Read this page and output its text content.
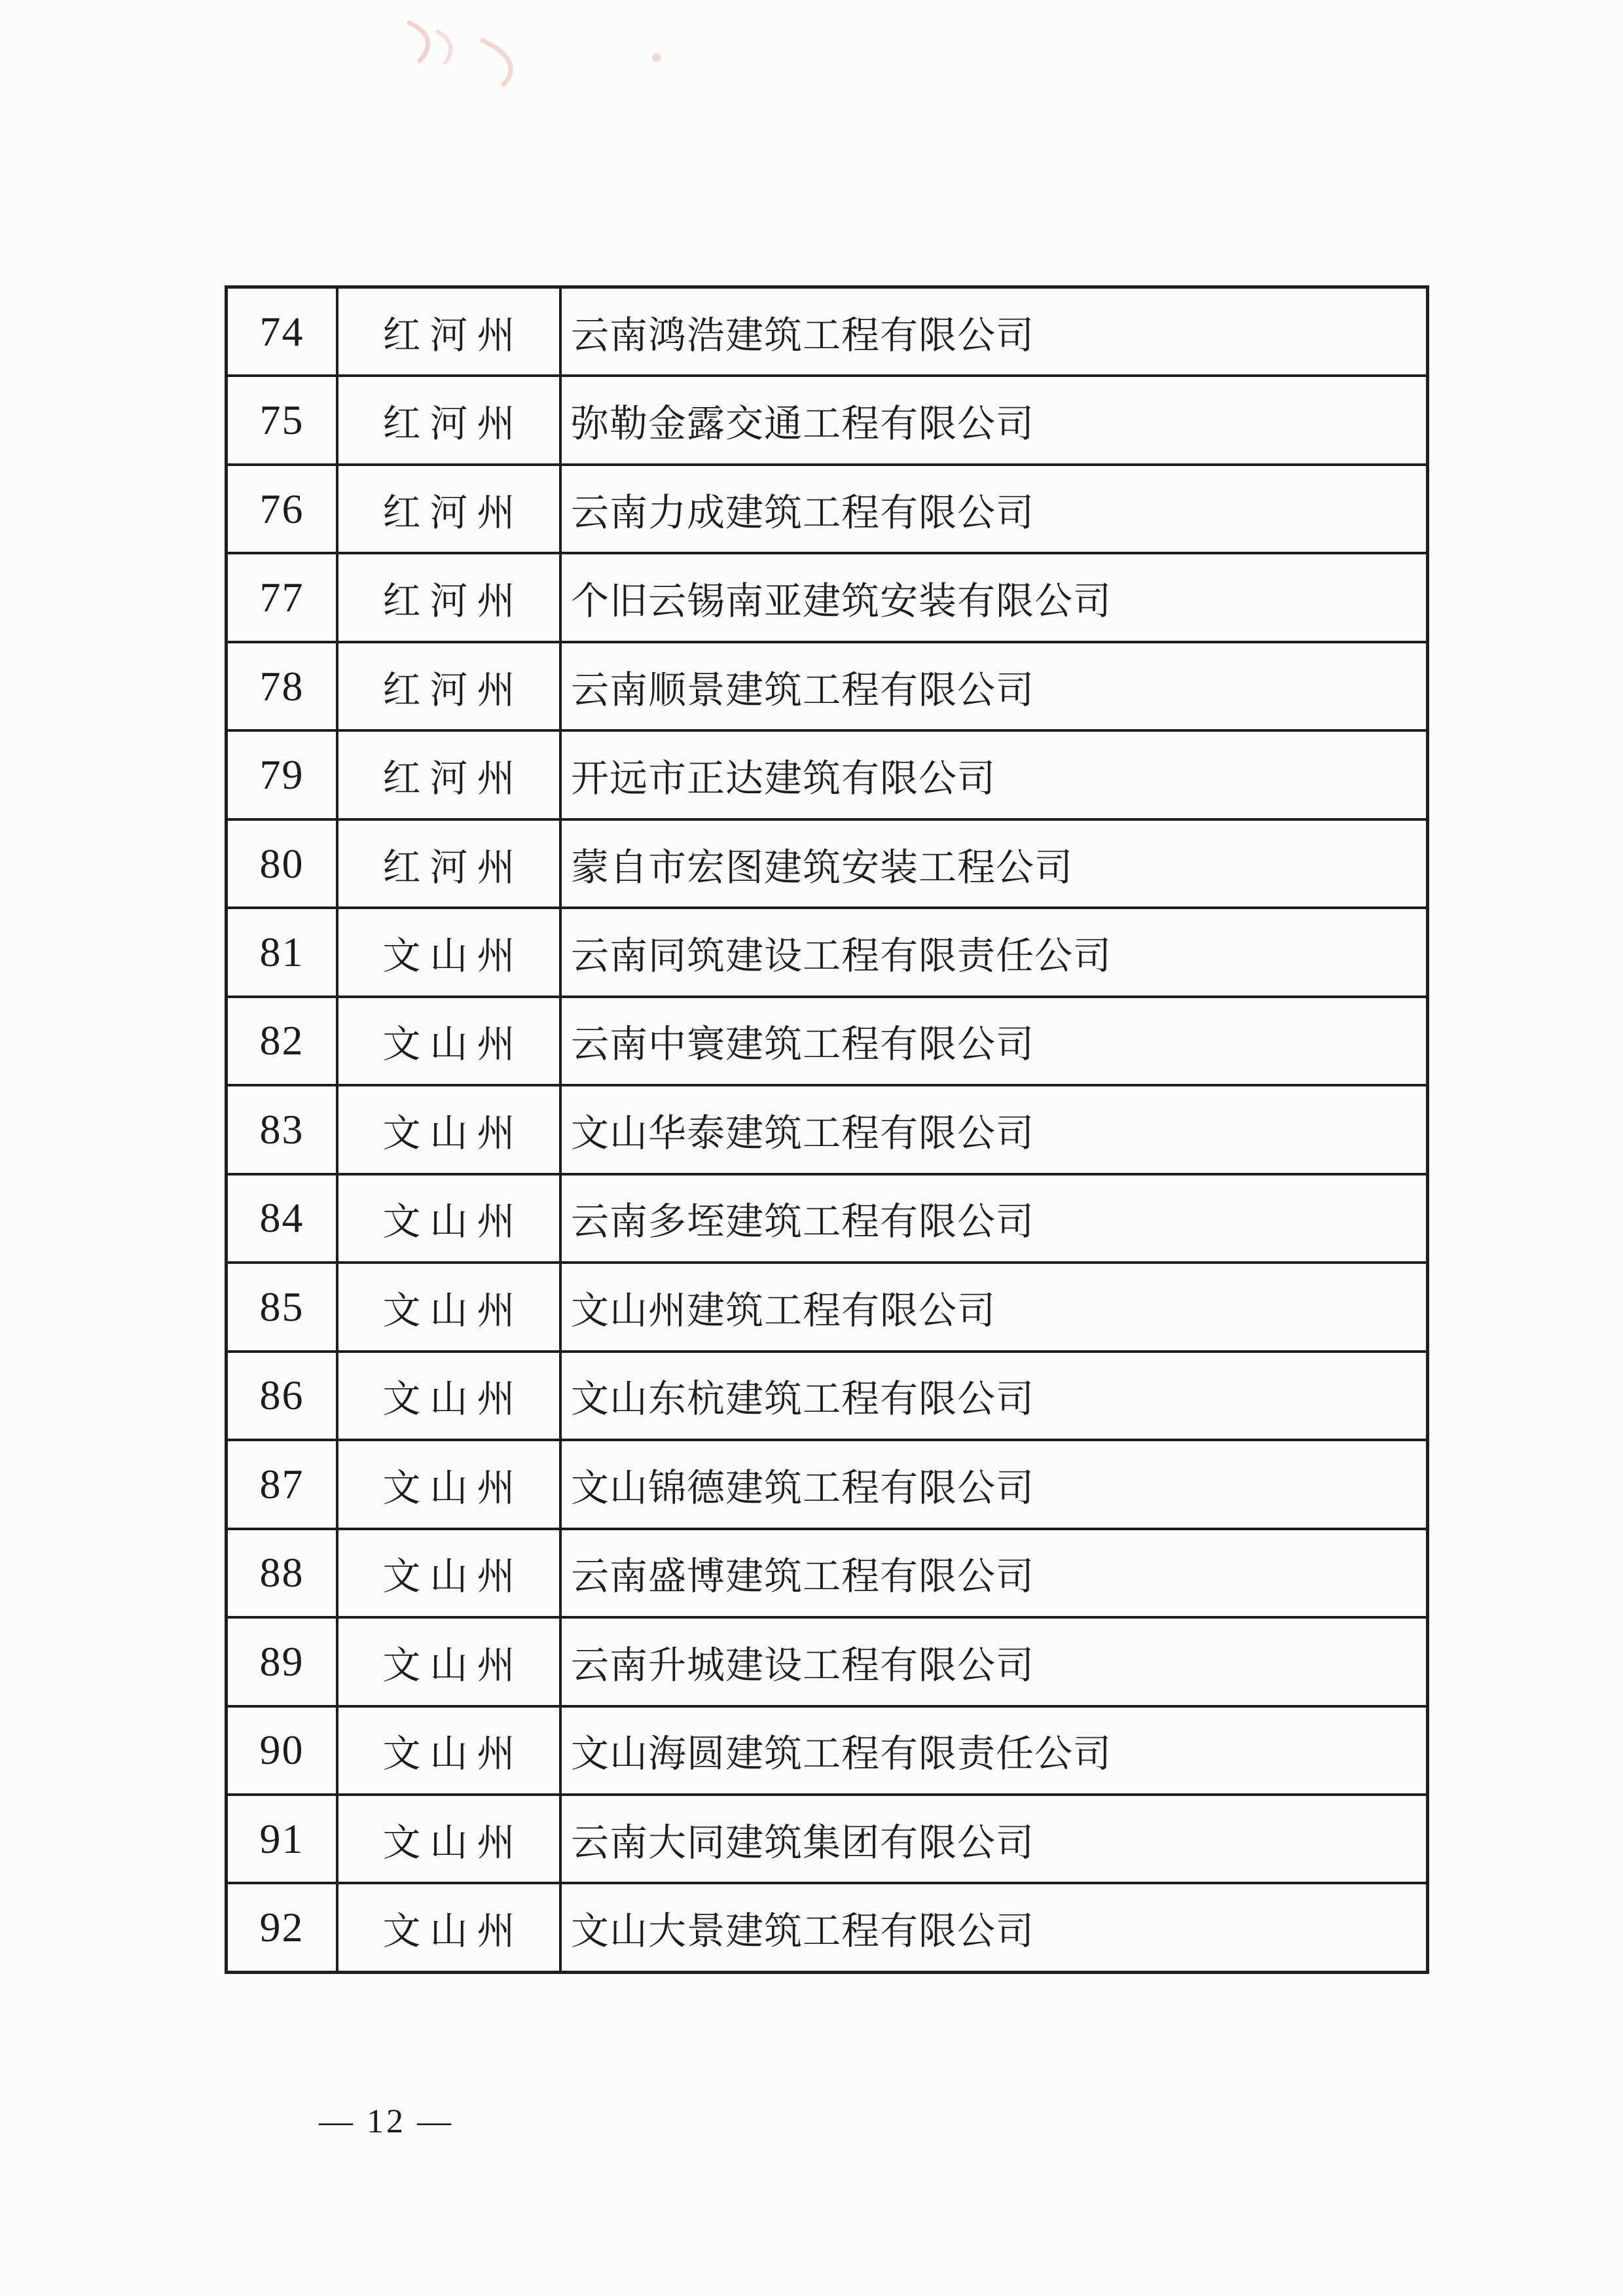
74	红河州	云南鸿浩建筑工程有限公司
75	红河州	弥勒金露交通工程有限公司
76	红河州	云南力成建筑工程有限公司
77	红河州	个旧云锡南亚建筑安装有限公司
78	红河州	云南顺景建筑工程有限公司
79	红河州	开远市正达建筑有限公司
80	红河州	蒙自市宏图建筑安装工程公司
81	文山州	云南同筑建设工程有限责任公司
82	文山州	云南中寰建筑工程有限公司
83	文山州	文山华泰建筑工程有限公司
84	文山州	云南多垤建筑工程有限公司
85	文山州	文山州建筑工程有限公司
86	文山州	文山东杭建筑工程有限公司
87	文山州	文山锦德建筑工程有限公司
88	文山州	云南盛博建筑工程有限公司
89	文山州	云南升城建设工程有限公司
90	文山州	文山海圆建筑工程有限责任公司
91	文山州	云南大同建筑集团有限公司
92	文山州	文山大景建筑工程有限公司
— 12 —
